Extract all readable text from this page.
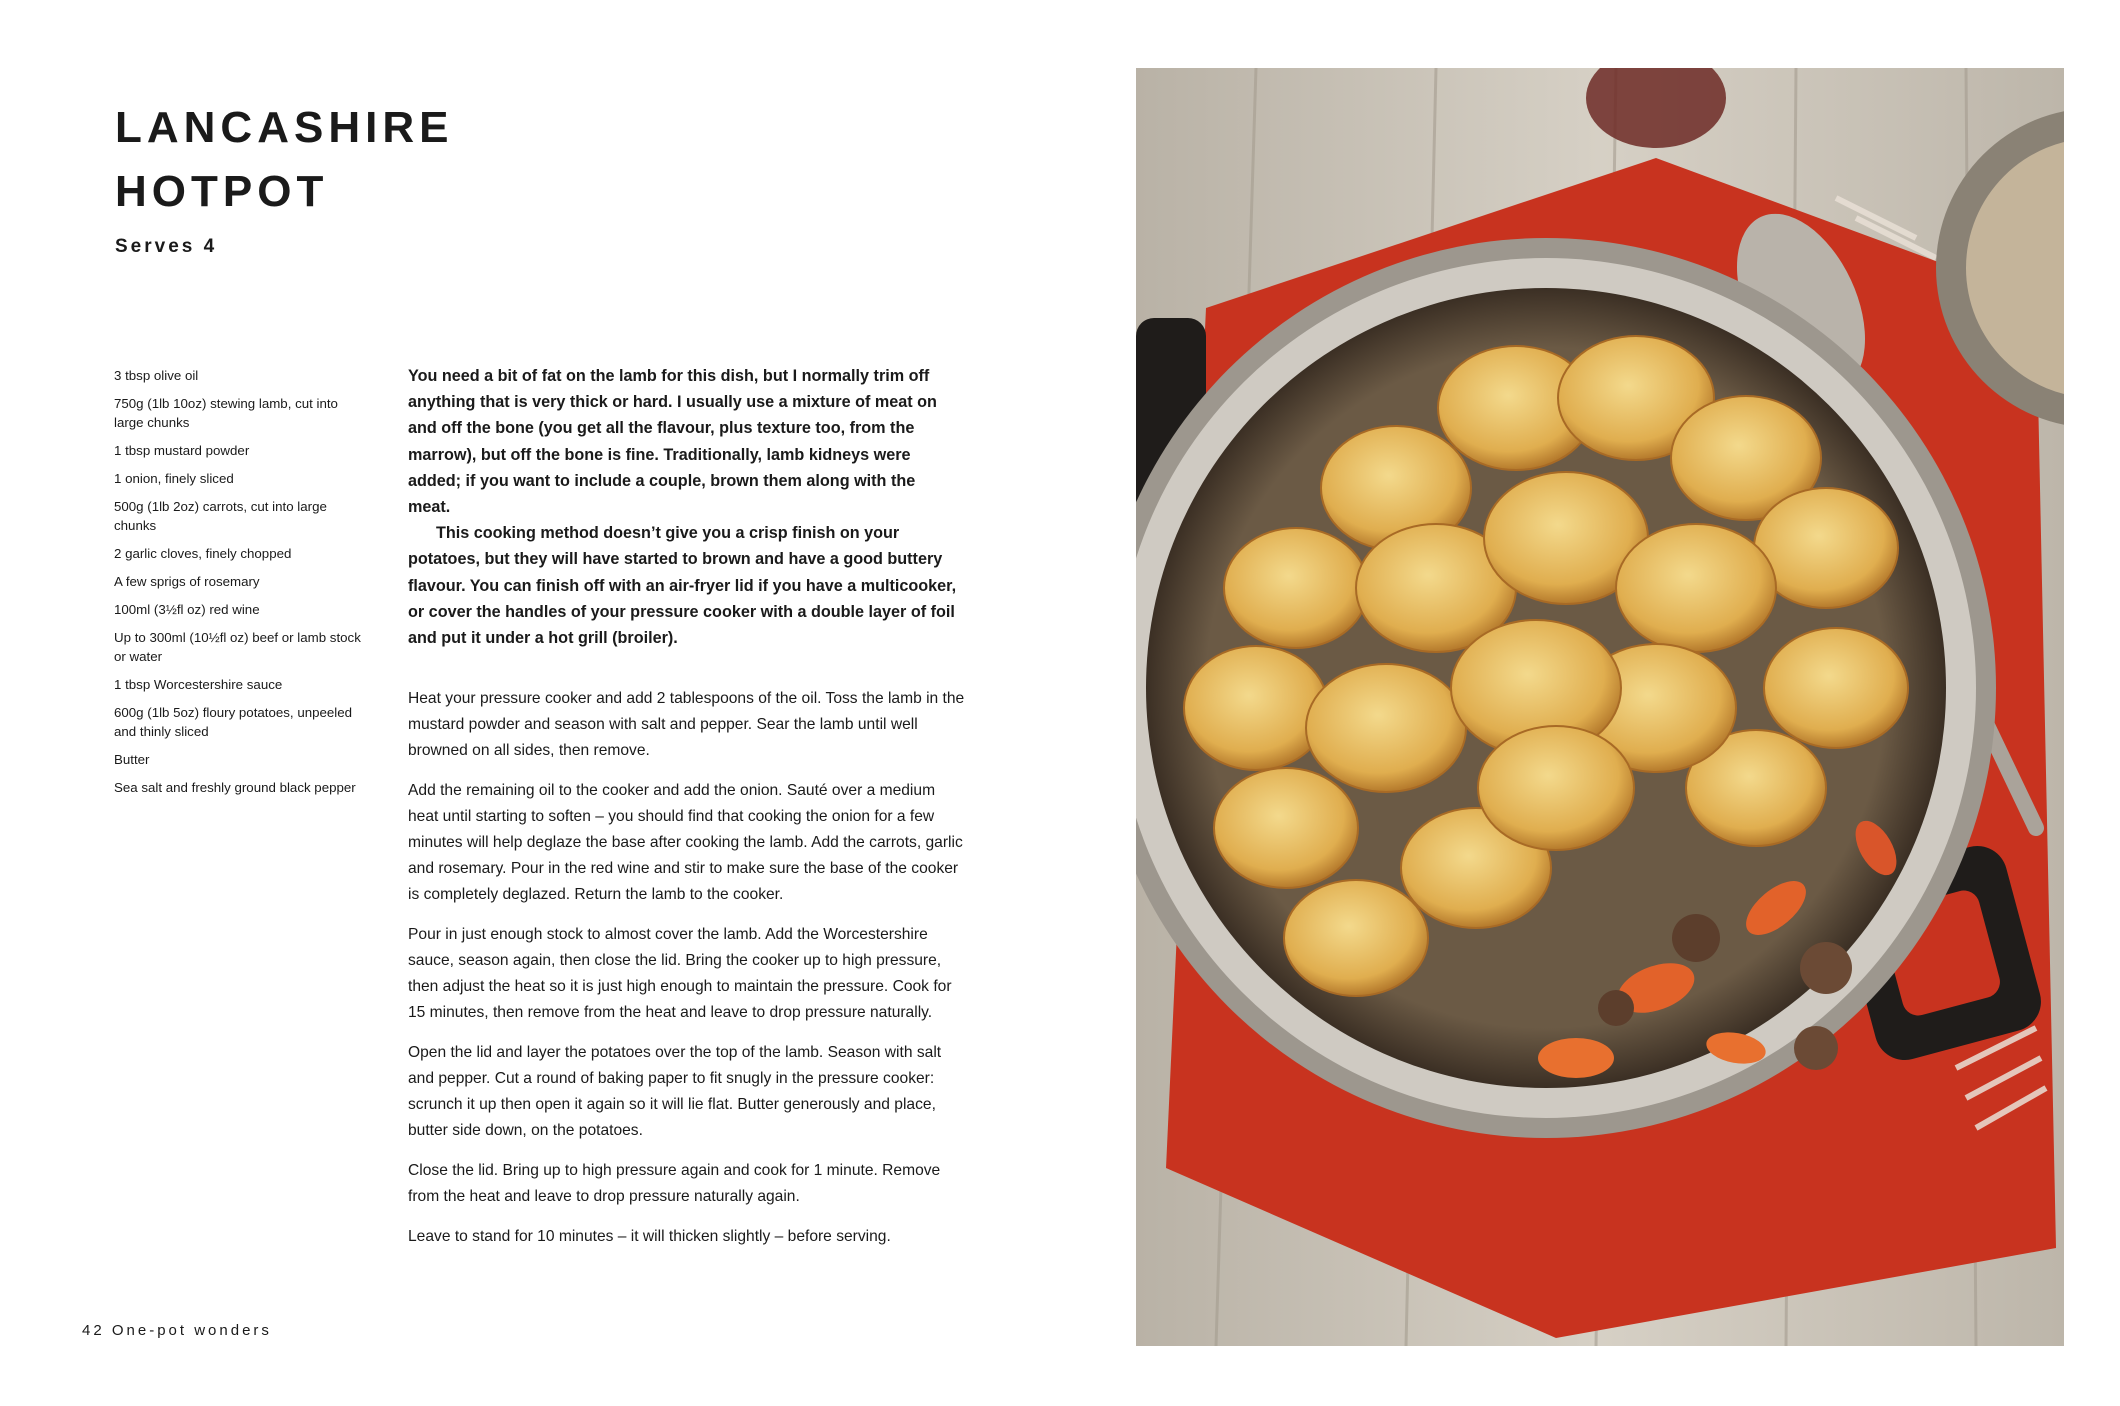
LANCASHIRE
HOTPOT
Serves 4
3 tbsp olive oil
750g (1lb 10oz) stewing lamb, cut into large chunks
1 tbsp mustard powder
1 onion, finely sliced
500g (1lb 2oz) carrots, cut into large chunks
2 garlic cloves, finely chopped
A few sprigs of rosemary
100ml (3½fl oz) red wine
Up to 300ml (10½fl oz) beef or lamb stock or water
1 tbsp Worcestershire sauce
600g (1lb 5oz) floury potatoes, unpeeled and thinly sliced
Butter
Sea salt and freshly ground black pepper

You need a bit of fat on the lamb for this dish, but I normally trim off anything that is very thick or hard. I usually use a mixture of meat on and off the bone (you get all the flavour, plus texture too, from the marrow), but off the bone is fine. Traditionally, lamb kidneys were added; if you want to include a couple, brown them along with the meat.

This cooking method doesn’t give you a crisp finish on your potatoes, but they will have started to brown and have a good buttery flavour. You can finish off with an air-fryer lid if you have a multicooker, or cover the handles of your pressure cooker with a double layer of foil and put it under a hot grill (broiler).

Heat your pressure cooker and add 2 tablespoons of the oil. Toss the lamb in the mustard powder and season with salt and pepper. Sear the lamb until well browned on all sides, then remove.

Add the remaining oil to the cooker and add the onion. Sauté over a medium heat until starting to soften – you should find that cooking the onion for a few minutes will help deglaze the base after cooking the lamb. Add the carrots, garlic and rosemary. Pour in the red wine and stir to make sure the base of the cooker is completely deglazed. Return the lamb to the cooker.

Pour in just enough stock to almost cover the lamb. Add the Worcestershire sauce, season again, then close the lid. Bring the cooker up to high pressure, then adjust the heat so it is just high enough to maintain the pressure. Cook for 15 minutes, then remove from the heat and leave to drop pressure naturally.

Open the lid and layer the potatoes over the top of the lamb. Season with salt and pepper. Cut a round of baking paper to fit snugly in the pressure cooker: scrunch it up then open it again so it will lie flat. Butter generously and place, butter side down, on the potatoes.

Close the lid. Bring up to high pressure again and cook for 1 minute. Remove from the heat and leave to drop pressure naturally again.

Leave to stand for 10 minutes – it will thicken slightly – before serving.

42 One-pot wonders
